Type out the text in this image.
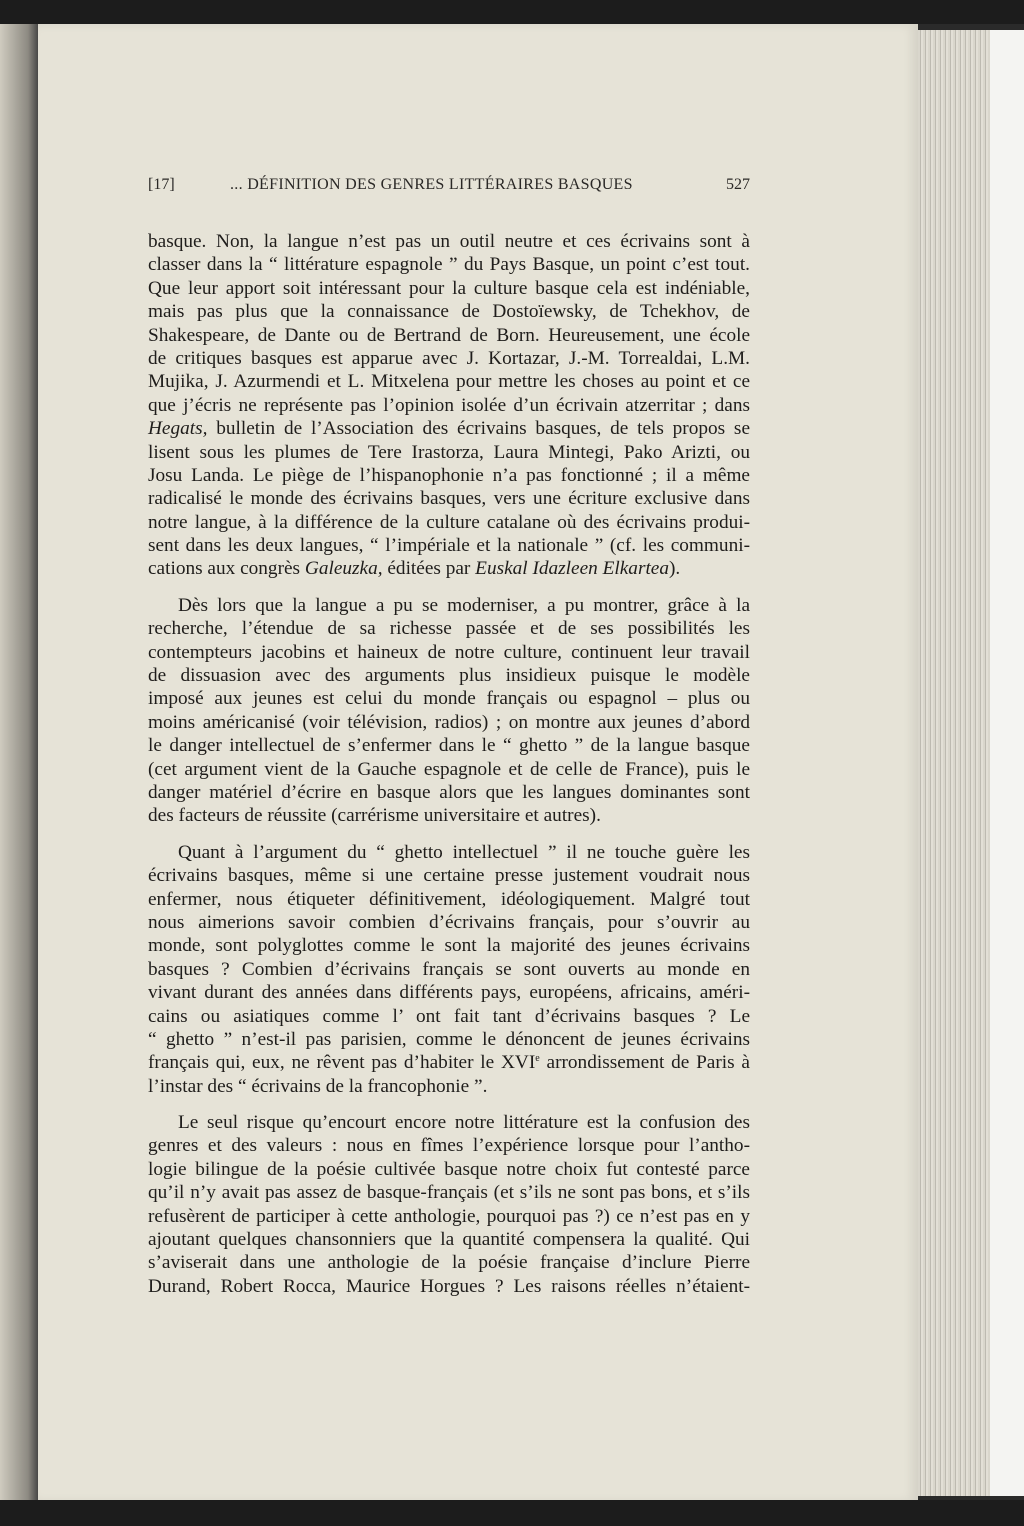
[17]	... DÉFINITION DES GENRES LITTÉRAIRES BASQUES	527
basque. Non, la langue n’est pas un outil neutre et ces écrivains sont à
classer dans la “ littérature espagnole ” du Pays Basque, un point c’est tout.
Que leur apport soit intéressant pour la culture basque cela est indéniable,
mais pas plus que la connaissance de Dostoïewsky, de Tchekhov, de
Shakespeare, de Dante ou de Bertrand de Born. Heureusement, une école
de critiques basques est apparue avec J. Kortazar, J.-M. Torrealdai, L.M.
Mujika, J. Azurmendi et L. Mitxelena pour mettre les choses au point et ce
que j’écris ne représente pas l’opinion isolée d’un écrivain atzerritar ; dans
Hegats, bulletin de l’Association des écrivains basques, de tels propos se
lisent sous les plumes de Tere Irastorza, Laura Mintegi, Pako Arizti, ou
Josu Landa. Le piège de l’hispanophonie n’a pas fonctionné ; il a même
radicalisé le monde des écrivains basques, vers une écriture exclusive dans
notre langue, à la différence de la culture catalane où des écrivains produi-
sent dans les deux langues, “ l’impériale et la nationale ” (cf. les communi-
cations aux congrès Galeuzka, éditées par Euskal Idazleen Elkartea).
Dès lors que la langue a pu se moderniser, a pu montrer, grâce à la
recherche, l’étendue de sa richesse passée et de ses possibilités les
contempteurs jacobins et haineux de notre culture, continuent leur travail
de dissuasion avec des arguments plus insidieux puisque le modèle
imposé aux jeunes est celui du monde français ou espagnol – plus ou
moins américanisé (voir télévision, radios) ; on montre aux jeunes d’abord
le danger intellectuel de s’enfermer dans le “ ghetto ” de la langue basque
(cet argument vient de la Gauche espagnole et de celle de France), puis le
danger matériel d’écrire en basque alors que les langues dominantes sont
des facteurs de réussite (carrérisme universitaire et autres).
Quant à l’argument du “ ghetto intellectuel ” il ne touche guère les
écrivains basques, même si une certaine presse justement voudrait nous
enfermer, nous étiqueter définitivement, idéologiquement. Malgré tout
nous aimerions savoir combien d’écrivains français, pour s’ouvrir au
monde, sont polyglottes comme le sont la majorité des jeunes écrivains
basques ? Combien d’écrivains français se sont ouverts au monde en
vivant durant des années dans différents pays, européens, africains, améri-
cains ou asiatiques comme l’ ont fait tant d’écrivains basques ? Le
“ ghetto ” n’est-il pas parisien, comme le dénoncent de jeunes écrivains
français qui, eux, ne rêvent pas d’habiter le XVIe arrondissement de Paris à
l’instar des “ écrivains de la francophonie ”.
Le seul risque qu’encourt encore notre littérature est la confusion des
genres et des valeurs : nous en fîmes l’expérience lorsque pour l’antho-
logie bilingue de la poésie cultivée basque notre choix fut contesté parce
qu’il n’y avait pas assez de basque-français (et s’ils ne sont pas bons, et s’ils
refusèrent de participer à cette anthologie, pourquoi pas ?) ce n’est pas en y
ajoutant quelques chansonniers que la quantité compensera la qualité. Qui
s’aviserait dans une anthologie de la poésie française d’inclure Pierre
Durand, Robert Rocca, Maurice Horgues ? Les raisons réelles n’étaient-
